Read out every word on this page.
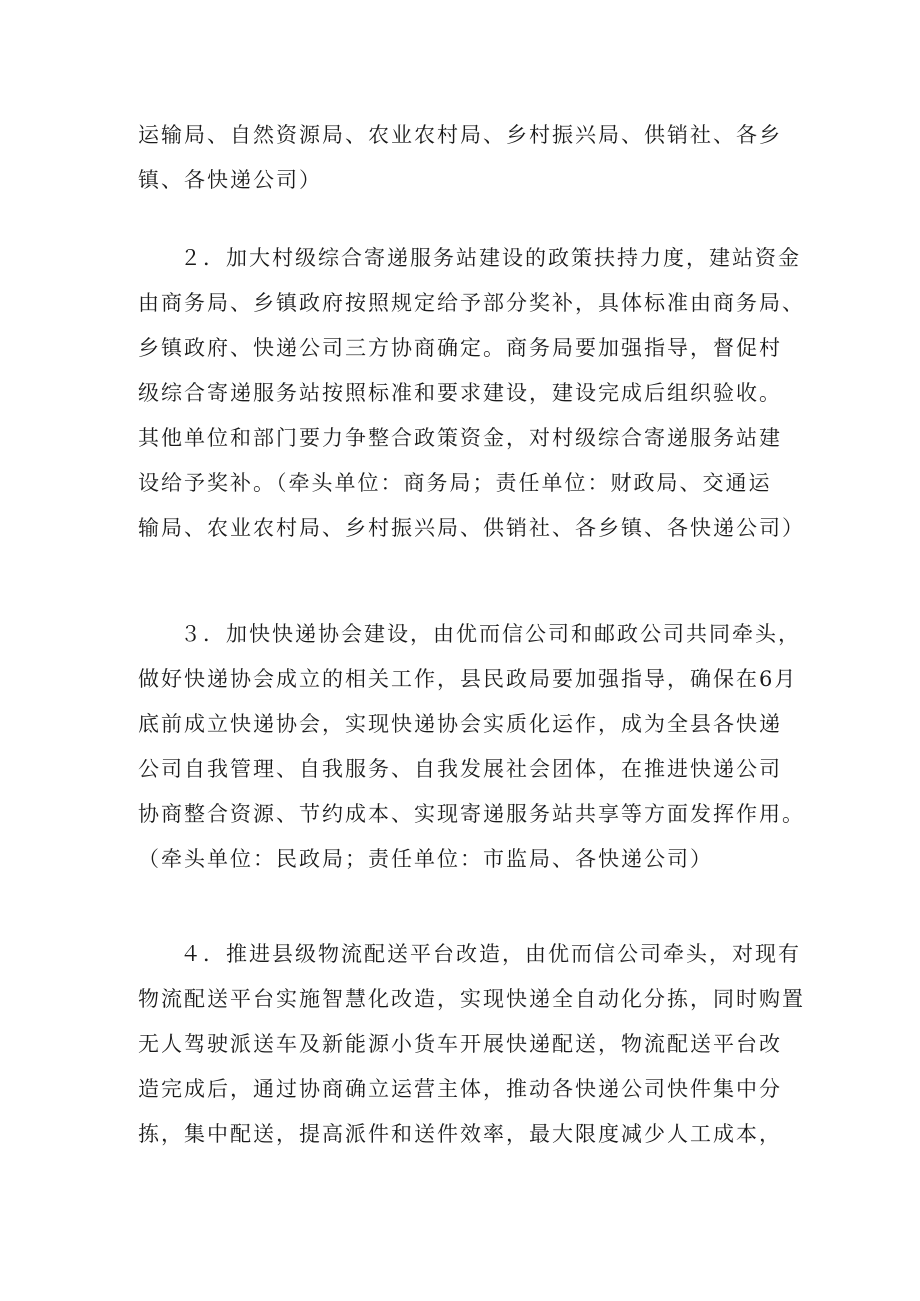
运输局、自然资源局、农业农村局、乡村振兴局、供销社、各乡
镇、各快递公司）
２．加大村级综合寄递服务站建设的政策扶持力度，建站资金
由商务局、乡镇政府按照规定给予部分奖补，具体标准由商务局、
乡镇政府、快递公司三方协商确定。商务局要加强指导，督促村
级综合寄递服务站按照标准和要求建设，建设完成后组织验收。
其他单位和部门要力争整合政策资金，对村级综合寄递服务站建
设给予奖补。（牵头单位：商务局；责任单位：财政局、交通运
输局、农业农村局、乡村振兴局、供销社、各乡镇、各快递公司）
３．加快快递协会建设，由优而信公司和邮政公司共同牵头，
做好快递协会成立的相关工作，县民政局要加强指导，确保在6月
底前成立快递协会，实现快递协会实质化运作，成为全县各快递
公司自我管理、自我服务、自我发展社会团体，在推进快递公司
协商整合资源、节约成本、实现寄递服务站共享等方面发挥作用。
（牵头单位：民政局；责任单位：市监局、各快递公司）
４．推进县级物流配送平台改造，由优而信公司牵头，对现有
物流配送平台实施智慧化改造，实现快递全自动化分拣，同时购置
无人驾驶派送车及新能源小货车开展快递配送，物流配送平台改
造完成后，通过协商确立运营主体，推动各快递公司快件集中分
拣，集中配送，提高派件和送件效率，最大限度减少人工成本，
